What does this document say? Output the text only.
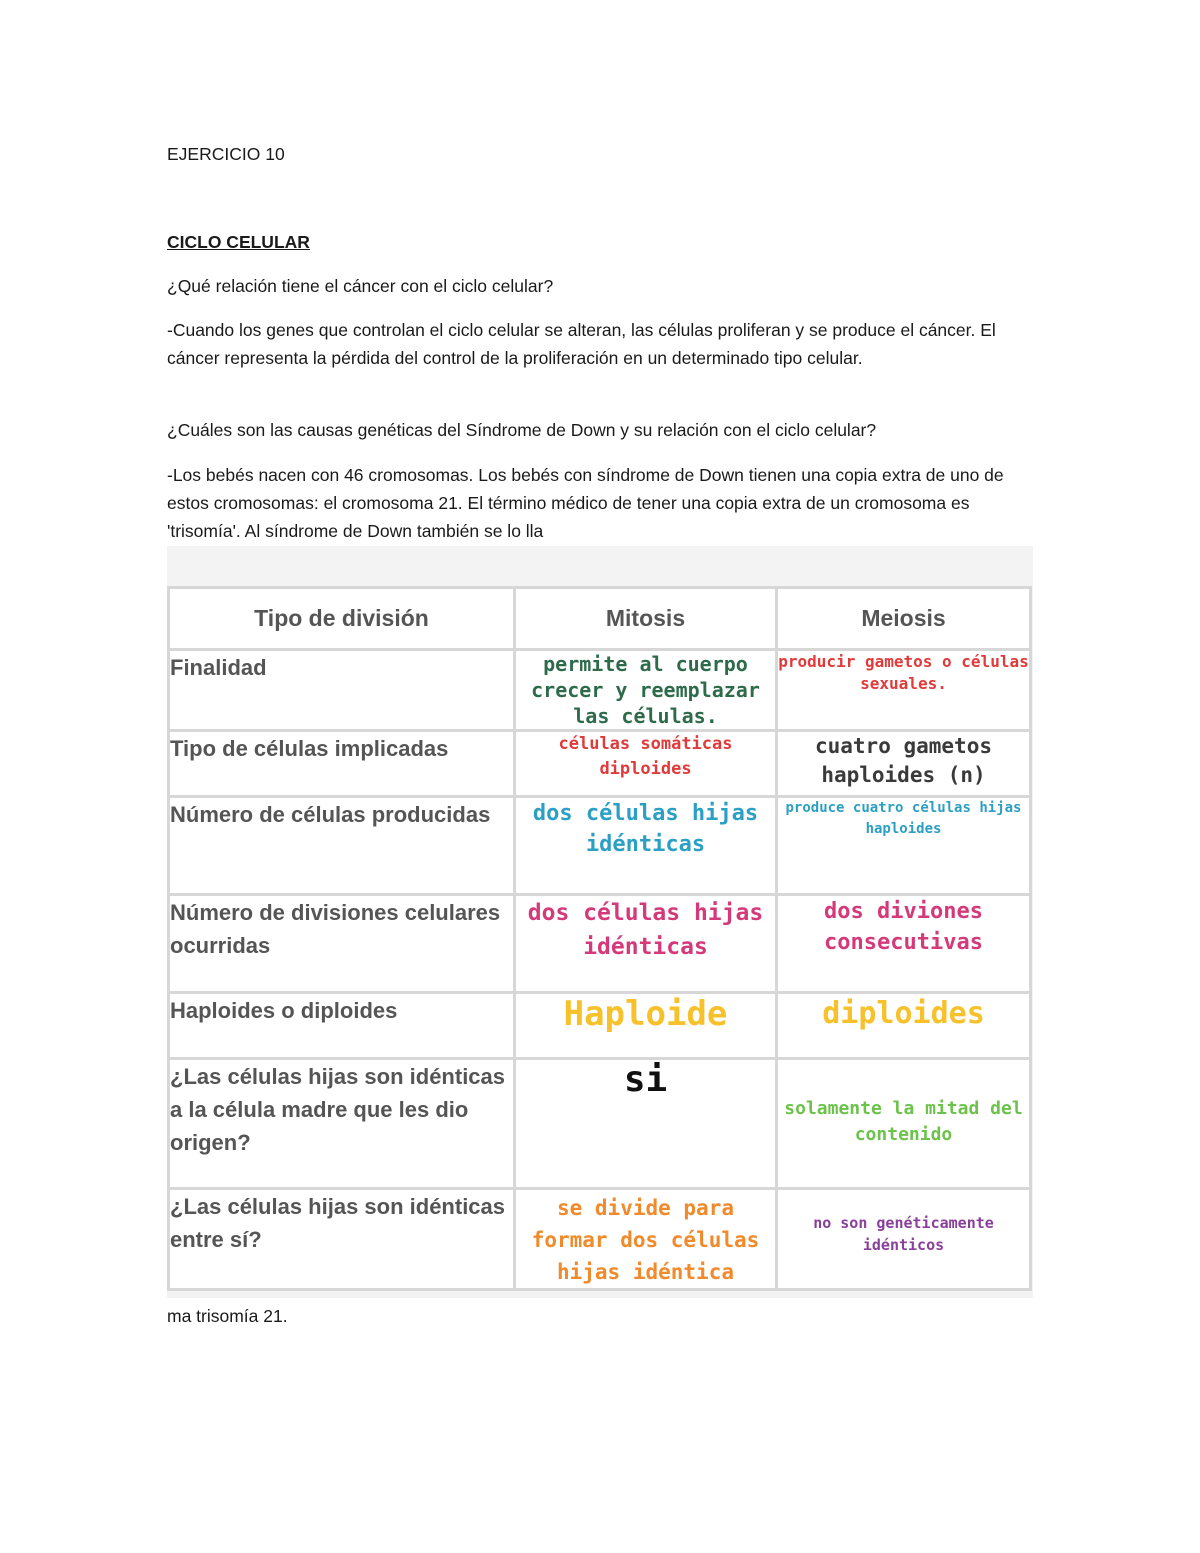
EJERCICIO 10

CICLO CELULAR

¿Qué relación tiene el cáncer con el ciclo celular?

-Cuando los genes que controlan el ciclo celular se alteran, las células proliferan y se produce el cáncer. El cáncer representa la pérdida del control de la proliferación en un determinado tipo celular.

¿Cuáles son las causas genéticas del Síndrome de Down y su relación con el ciclo celular?

-Los bebés nacen con 46 cromosomas. Los bebés con síndrome de Down tienen una copia extra de uno de estos cromosomas: el cromosoma 21. El término médico de tener una copia extra de un cromosoma es 'trisomía'. Al síndrome de Down también se lo lla

Tipo de división	Mitosis	Meiosis
Finalidad	permite al cuerpo crecer y reemplazar las células.	producir gametos o células sexuales.
Tipo de células implicadas	células somáticas diploides	cuatro gametos haploides (n)
Número de células producidas	dos células hijas idénticas	produce cuatro células hijas haploides
Número de divisiones celulares ocurridas	dos células hijas idénticas	dos diviones consecutivas
Haploides o diploides	Haploide	diploides
¿Las células hijas son idénticas a la célula madre que les dio origen?	si	solamente la mitad del contenido
¿Las células hijas son idénticas entre sí?	se divide para formar dos células hijas idéntica	no son genéticamente idénticos

ma trisomía 21.
